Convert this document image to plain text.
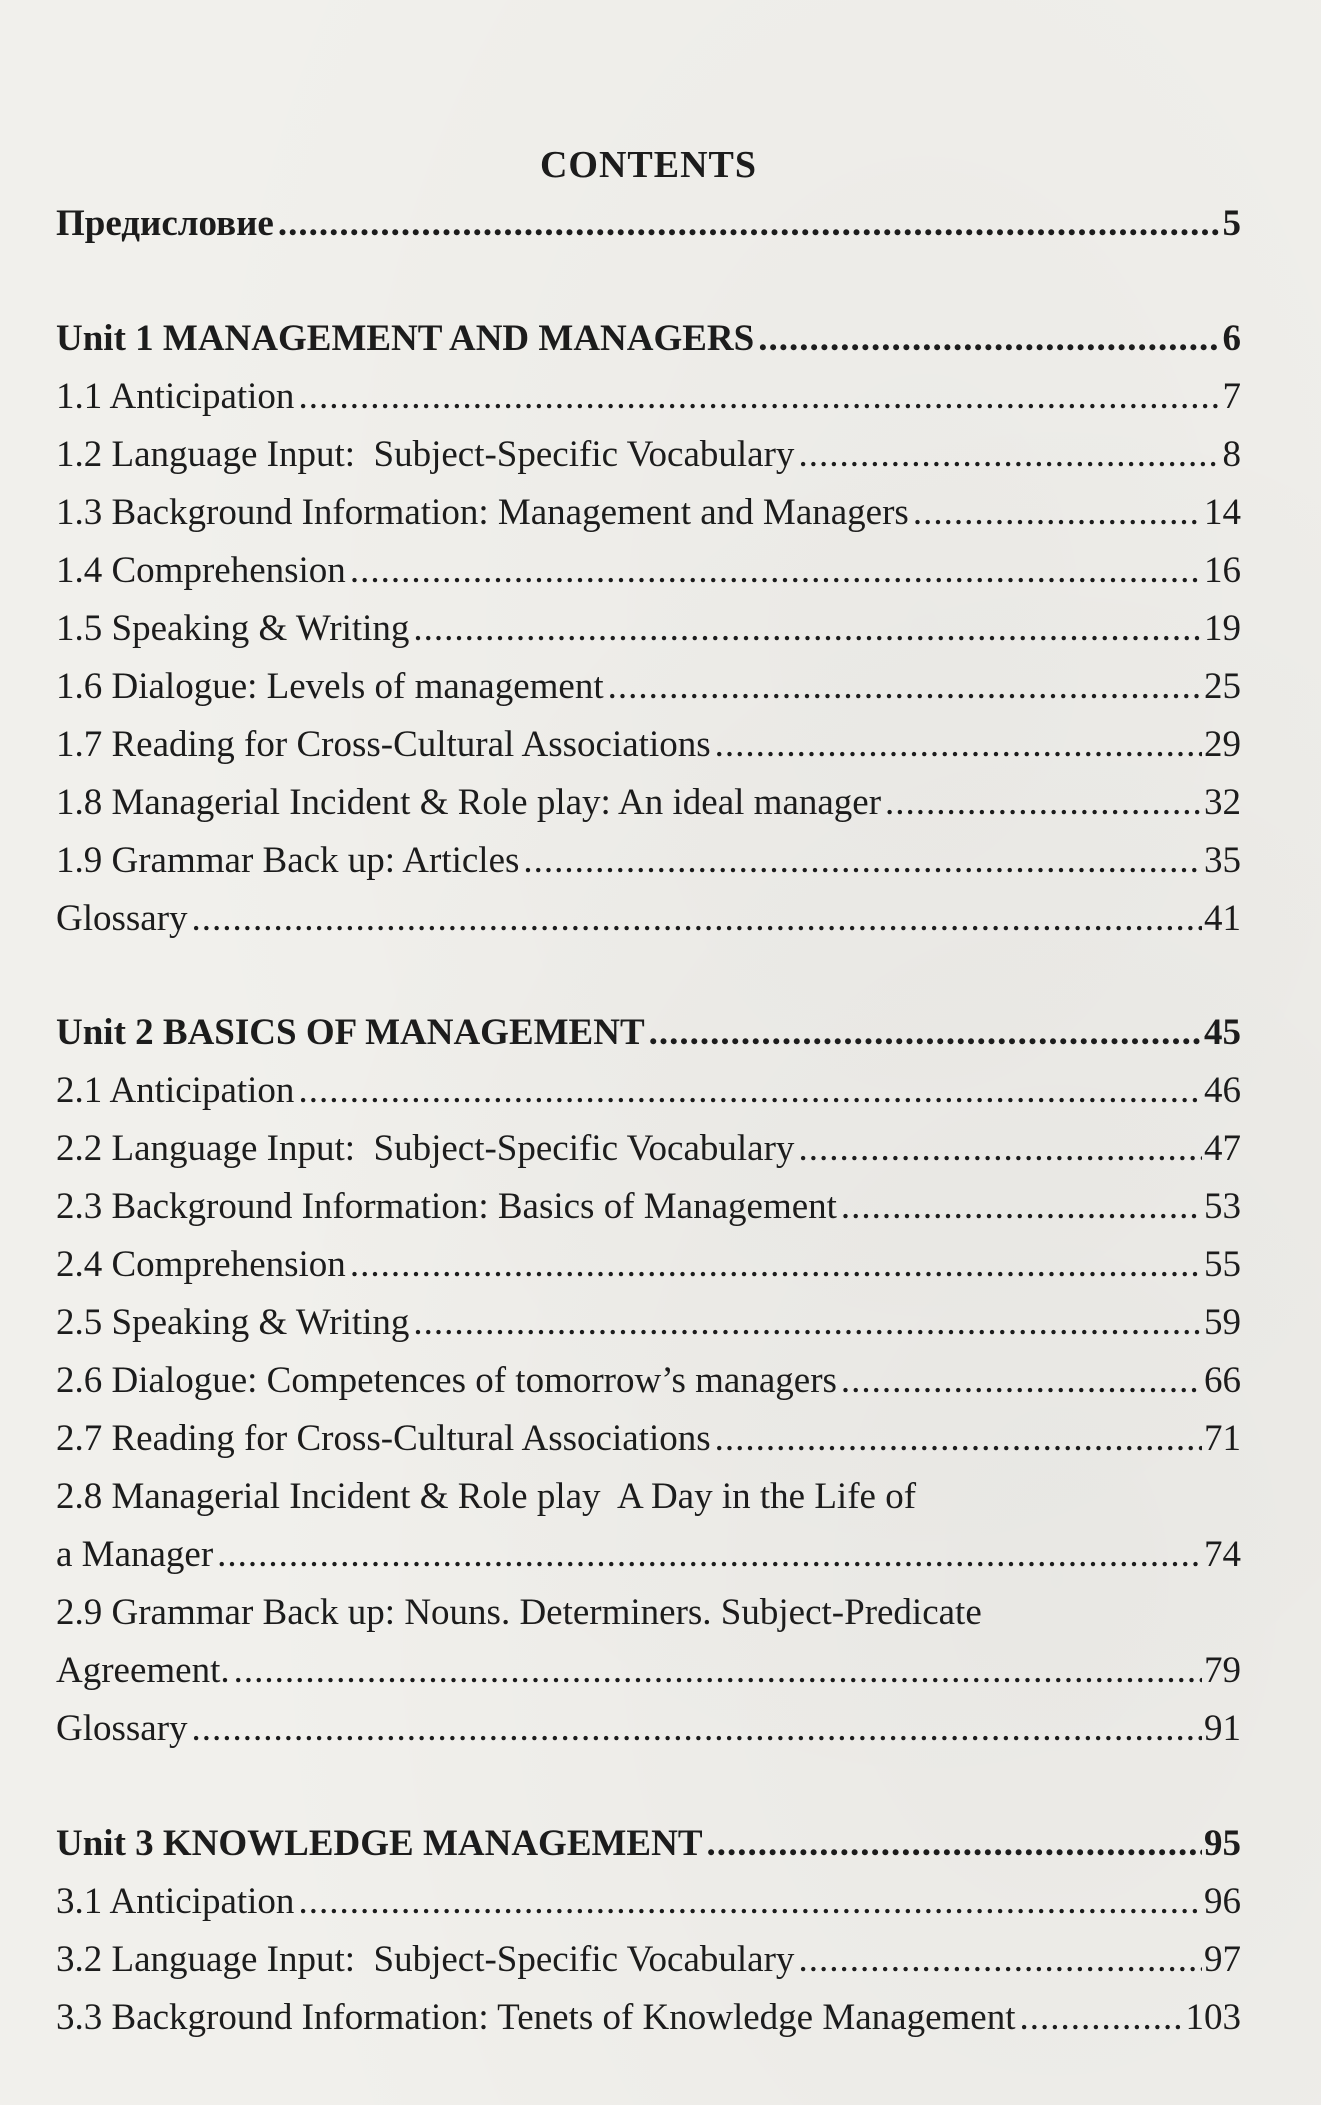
CONTENTS
Предисловие .....	5
Unit 1 MANAGEMENT AND MANAGERS .....	6
1.1 Anticipation .....	7
1.2 Language Input:  Subject-Specific Vocabulary .....	8
1.3 Background Information: Management and Managers .....	14
1.4 Comprehension .....	16
1.5 Speaking & Writing .....	19
1.6 Dialogue: Levels of management .....	25
1.7 Reading for Cross-Cultural Associations .....	29
1.8 Managerial Incident & Role play: An ideal manager .....	32
1.9 Grammar Back up: Articles .....	35
Glossary .....	41
Unit 2 BASICS OF MANAGEMENT .....	45
2.1 Anticipation .....	46
2.2 Language Input:  Subject-Specific Vocabulary .....	47
2.3 Background Information: Basics of Management .....	53
2.4 Comprehension .....	55
2.5 Speaking & Writing .....	59
2.6 Dialogue: Competences of tomorrow’s managers .....	66
2.7 Reading for Cross-Cultural Associations .....	71
2.8 Managerial Incident & Role play  A Day in the Life of
a Manager .....	74
2.9 Grammar Back up: Nouns. Determiners. Subject-Predicate
Agreement. .....	79
Glossary .....	91
Unit 3 KNOWLEDGE MANAGEMENT .....	95
3.1 Anticipation .....	96
3.2 Language Input:  Subject-Specific Vocabulary .....	97
3.3 Background Information: Tenets of Knowledge Management .....	103
